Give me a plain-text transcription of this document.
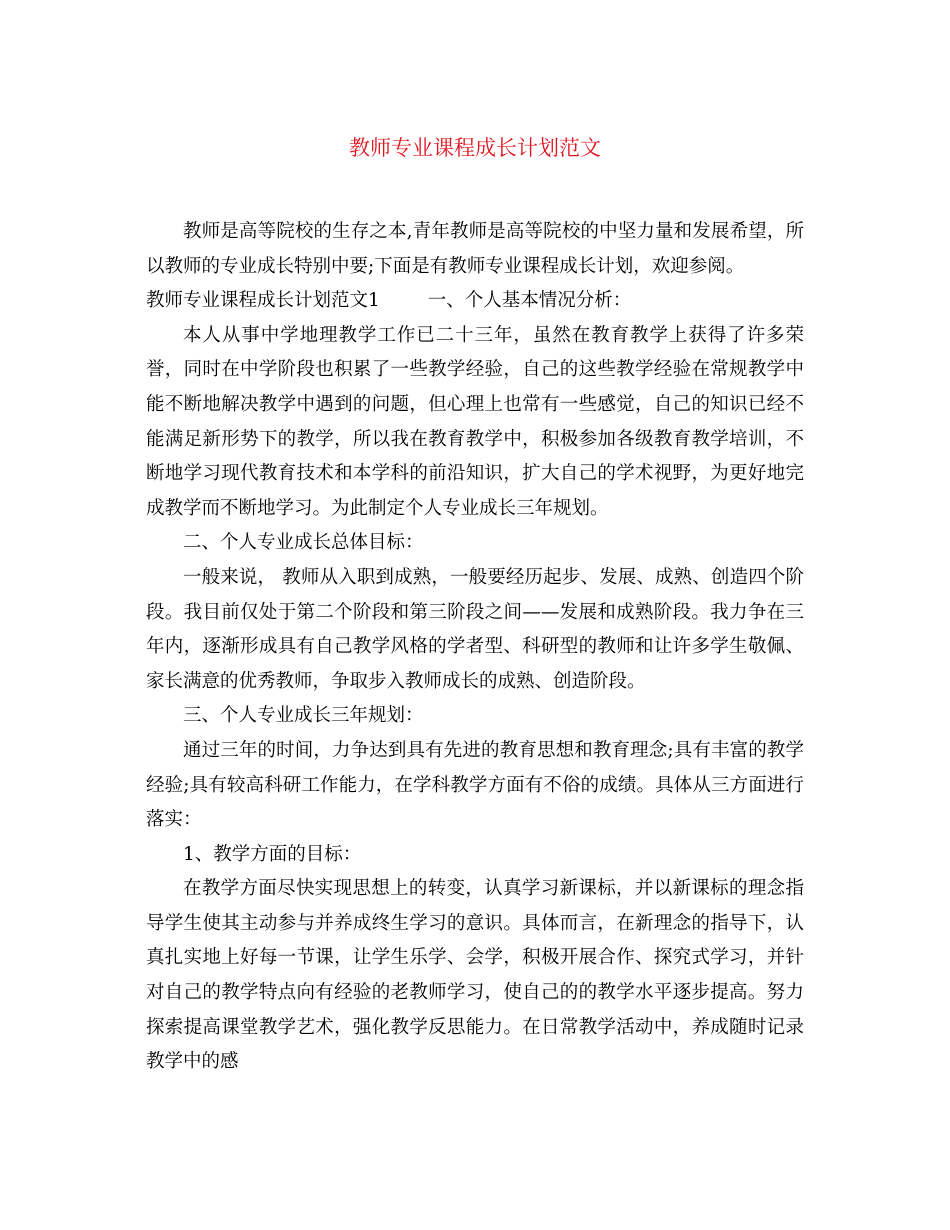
教师专业课程成长计划范文

教师是高等院校的生存之本,青年教师是高等院校的中坚力量和发展希望，所以教师的专业成长特别中要;下面是有教师专业课程成长计划，欢迎参阅。

教师专业课程成长计划范文1	一、个人基本情况分析：

本人从事中学地理教学工作已二十三年，虽然在教育教学上获得了许多荣誉，同时在中学阶段也积累了一些教学经验，自己的这些教学经验在常规教学中能不断地解决教学中遇到的问题，但心理上也常有一些感觉，自己的知识已经不能满足新形势下的教学，所以我在教育教学中，积极参加各级教育教学培训，不断地学习现代教育技术和本学科的前沿知识，扩大自己的学术视野，为更好地完成教学而不断地学习。为此制定个人专业成长三年规划。

二、个人专业成长总体目标：

一般来说， 教师从入职到成熟，一般要经历起步、发展、成熟、创造四个阶段。我目前仅处于第二个阶段和第三阶段之间——发展和成熟阶段。我力争在三年内，逐渐形成具有自己教学风格的学者型、科研型的教师和让许多学生敬佩、家长满意的优秀教师，争取步入教师成长的成熟、创造阶段。

三、个人专业成长三年规划：

通过三年的时间，力争达到具有先进的教育思想和教育理念;具有丰富的教学经验;具有较高科研工作能力，在学科教学方面有不俗的成绩。具体从三方面进行落实：

1、教学方面的目标：

在教学方面尽快实现思想上的转变，认真学习新课标，并以新课标的理念指导学生使其主动参与并养成终生学习的意识。具体而言，在新理念的指导下，认真扎实地上好每一节课，让学生乐学、会学，积极开展合作、探究式学习，并针对自己的教学特点向有经验的老教师学习，使自己的的教学水平逐步提高。努力探索提高课堂教学艺术，强化教学反思能力。在日常教学活动中，养成随时记录教学中的感
